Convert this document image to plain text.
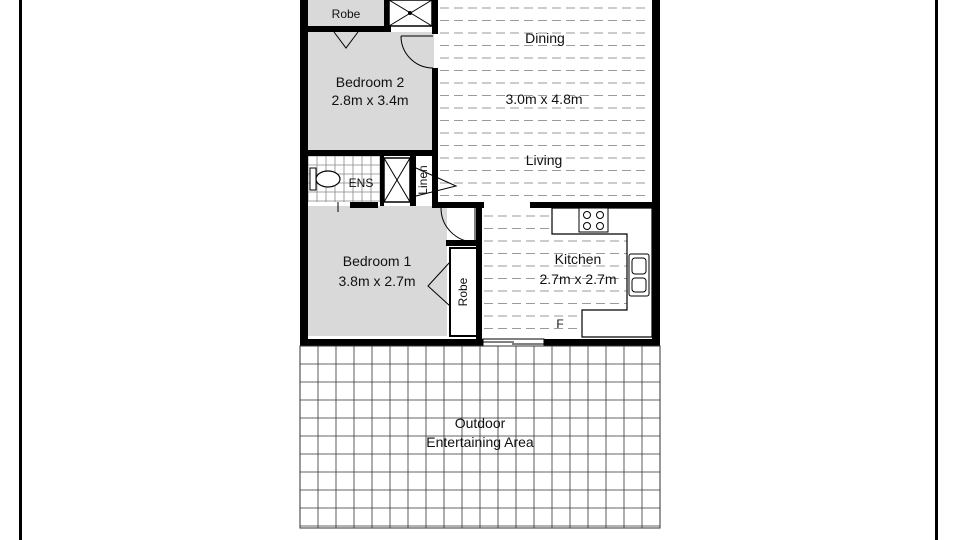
Robe
Dining
Bedroom 2
2.8m x 3.4m	3.0m x 4.8m
Living
ENS	Linen
Bedroom 1
3.8m x 2.7m	Robe
Kitchen
2.7m x 2.7m
F
Outdoor
Entertaining Area
